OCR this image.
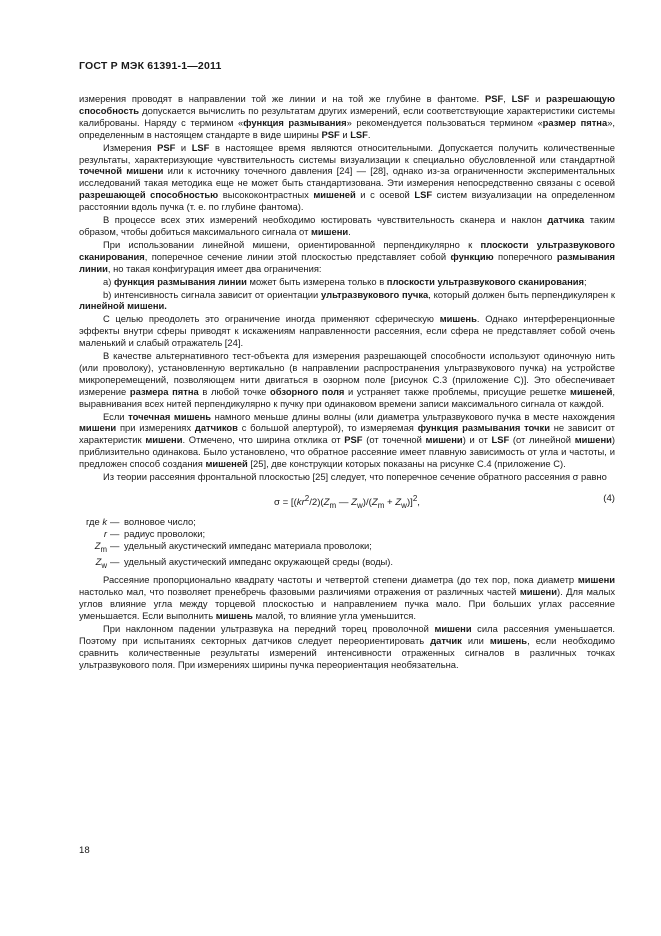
ГОСТ Р МЭК 61391-1—2011

измерения проводят в направлении той же линии и на той же глубине в фантоме. PSF, LSF и разрешающую способность допускается вычислить по результатам других измерений, если соответствующие характеристики системы калиброваны. Наряду с термином «функция размывания» рекомендуется пользоваться термином «размер пятна», определенным в настоящем стандарте в виде ширины PSF и LSF.

Измерения PSF и LSF в настоящее время являются относительными. Допускается получить количественные результаты, характеризующие чувствительность системы визуализации к специально обусловленной или стандартной точечной мишени или к источнику точечного давления [24] — [28], однако из-за ограниченности экспериментальных исследований такая методика еще не может быть стандартизована. Эти измерения непосредственно связаны с осевой разрешающей способностью высококонтрастных мишеней и с осевой LSF систем визуализации на определенном расстоянии вдоль пучка (т. е. по глубине фантома).

В процессе всех этих измерений необходимо юстировать чувствительность сканера и наклон датчика таким образом, чтобы добиться максимального сигнала от мишени.

При использовании линейной мишени, ориентированной перпендикулярно к плоскости ультразвукового сканирования, поперечное сечение линии этой плоскостью представляет собой функцию поперечного размывания линии, но такая конфигурация имеет два ограничения:

a) функция размывания линии может быть измерена только в плоскости ультразвукового сканирования;

b) интенсивность сигнала зависит от ориентации ультразвукового пучка, который должен быть перпендикулярен к линейной мишени.

С целью преодолеть это ограничение иногда применяют сферическую мишень. Однако интерференционные эффекты внутри сферы приводят к искажениям направленности рассеяния, если сфера не представляет собой очень маленький и слабый отражатель [24].

В качестве альтернативного тест-объекта для измерения разрешающей способности используют одиночную нить (или проволоку), установленную вертикально (в направлении распространения ультразвукового пучка) на устройстве микроперемещений, позволяющем нити двигаться в озорном поле [рисунок С.3 (приложение С)]. Это обеспечивает измерение размера пятна в любой точке обзорного поля и устраняет также проблемы, присущие решетке мишеней, выравнивания всех нитей перпендикулярно к пучку при одинаковом времени записи максимального сигнала от каждой.

Если точечная мишень намного меньше длины волны (или диаметра ультразвукового пучка в месте нахождения мишени при измерениях датчиков с большой апертурой), то измеряемая функция размывания точки не зависит от характеристик мишени. Отмечено, что ширина отклика от PSF (от точечной мишени) и от LSF (от линейной мишени) приблизительно одинакова. Было установлено, что обратное рассеяние имеет плавную зависимость от угла и частоты, и предложен способ создания мишеней [25], две конструкции которых показаны на рисунке С.4 (приложение С).

Из теории рассеяния фронтальной плоскостью [25] следует, что поперечное сечение обратного рассеяния σ равно

$\sigma = [(kr^2/2)(Z_m$ — $Z_w)/(Z_m + Z_w)]^2$,	(4)
где k — волновое число;
r — радиус проволоки;
$Z_m$ — удельный акустический импеданс материала проволоки;
$Z_w$ — удельный акустический импеданс окружающей среды (воды).

Рассеяние пропорционально квадрату частоты и четвертой степени диаметра (до тех пор, пока диаметр мишени настолько мал, что позволяет пренебречь фазовыми различиями отражения от различных частей мишени). Для малых углов влияние угла между торцевой плоскостью и направлением пучка мало. При больших углах рассеяние уменьшается. Если выполнить мишень малой, то влияние угла уменьшится.

При наклонном падении ультразвука на передний торец проволочной мишени сила рассеяния уменьшается. Поэтому при испытаниях секторных датчиков следует переориентировать датчик или мишень, если необходимо сравнить количественные результаты измерений интенсивности отраженных сигналов в различных точках ультразвукового поля. При измерениях ширины пучка переориентация необязательна.

18
